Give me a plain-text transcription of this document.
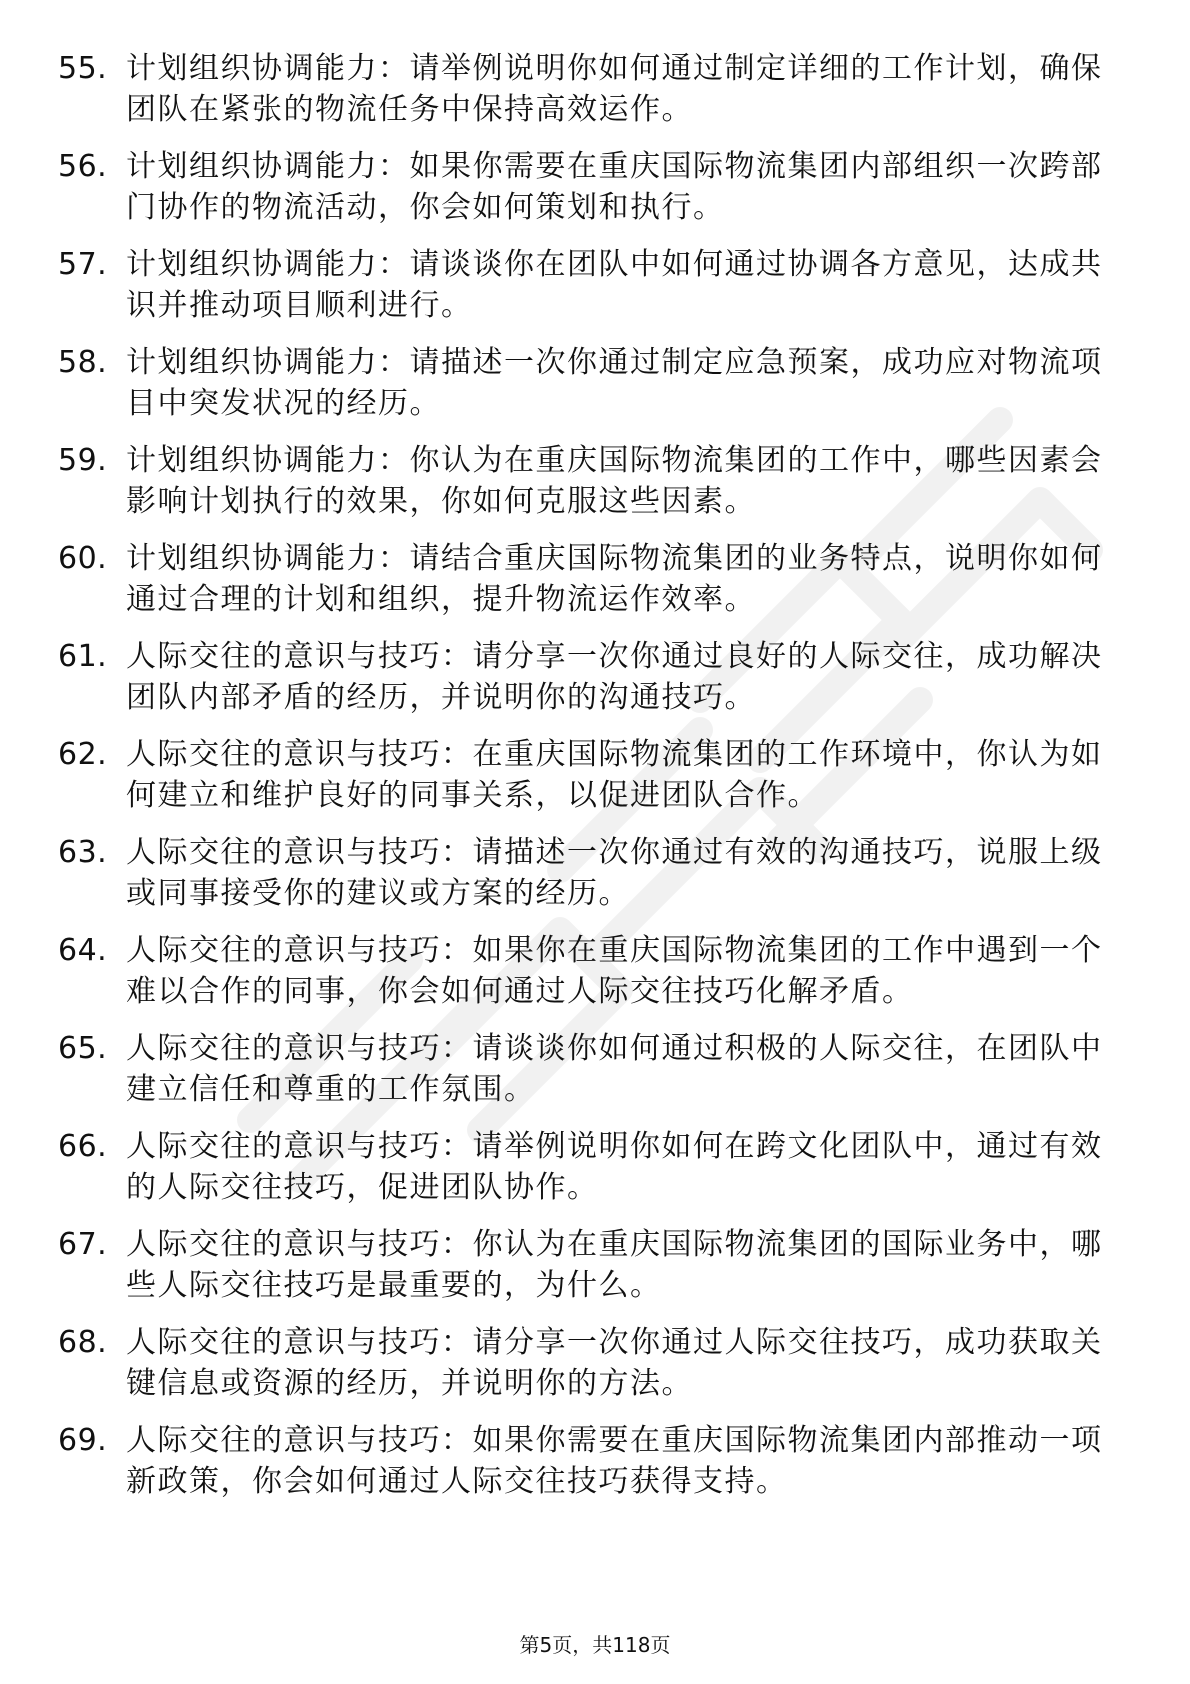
55. 计划组织协调能力：请举例说明你如何通过制定详细的工作计划，确保团队在紧张的物流任务中保持高效运作。
56. 计划组织协调能力：如果你需要在重庆国际物流集团内部组织一次跨部门协作的物流活动，你会如何策划和执行。
57. 计划组织协调能力：请谈谈你在团队中如何通过协调各方意见，达成共识并推动项目顺利进行。
58. 计划组织协调能力：请描述一次你通过制定应急预案，成功应对物流项目中突发状况的经历。
59. 计划组织协调能力：你认为在重庆国际物流集团的工作中，哪些因素会影响计划执行的效果，你如何克服这些因素。
60. 计划组织协调能力：请结合重庆国际物流集团的业务特点，说明你如何通过合理的计划和组织，提升物流运作效率。
61. 人际交往的意识与技巧：请分享一次你通过良好的人际交往，成功解决团队内部矛盾的经历，并说明你的沟通技巧。
62. 人际交往的意识与技巧：在重庆国际物流集团的工作环境中，你认为如何建立和维护良好的同事关系，以促进团队合作。
63. 人际交往的意识与技巧：请描述一次你通过有效的沟通技巧，说服上级或同事接受你的建议或方案的经历。
64. 人际交往的意识与技巧：如果你在重庆国际物流集团的工作中遇到一个难以合作的同事，你会如何通过人际交往技巧化解矛盾。
65. 人际交往的意识与技巧：请谈谈你如何通过积极的人际交往，在团队中建立信任和尊重的工作氛围。
66. 人际交往的意识与技巧：请举例说明你如何在跨文化团队中，通过有效的人际交往技巧，促进团队协作。
67. 人际交往的意识与技巧：你认为在重庆国际物流集团的国际业务中，哪些人际交往技巧是最重要的，为什么。
68. 人际交往的意识与技巧：请分享一次你通过人际交往技巧，成功获取关键信息或资源的经历，并说明你的方法。
69. 人际交往的意识与技巧：如果你需要在重庆国际物流集团内部推动一项新政策，你会如何通过人际交往技巧获得支持。
第5页，共118页
